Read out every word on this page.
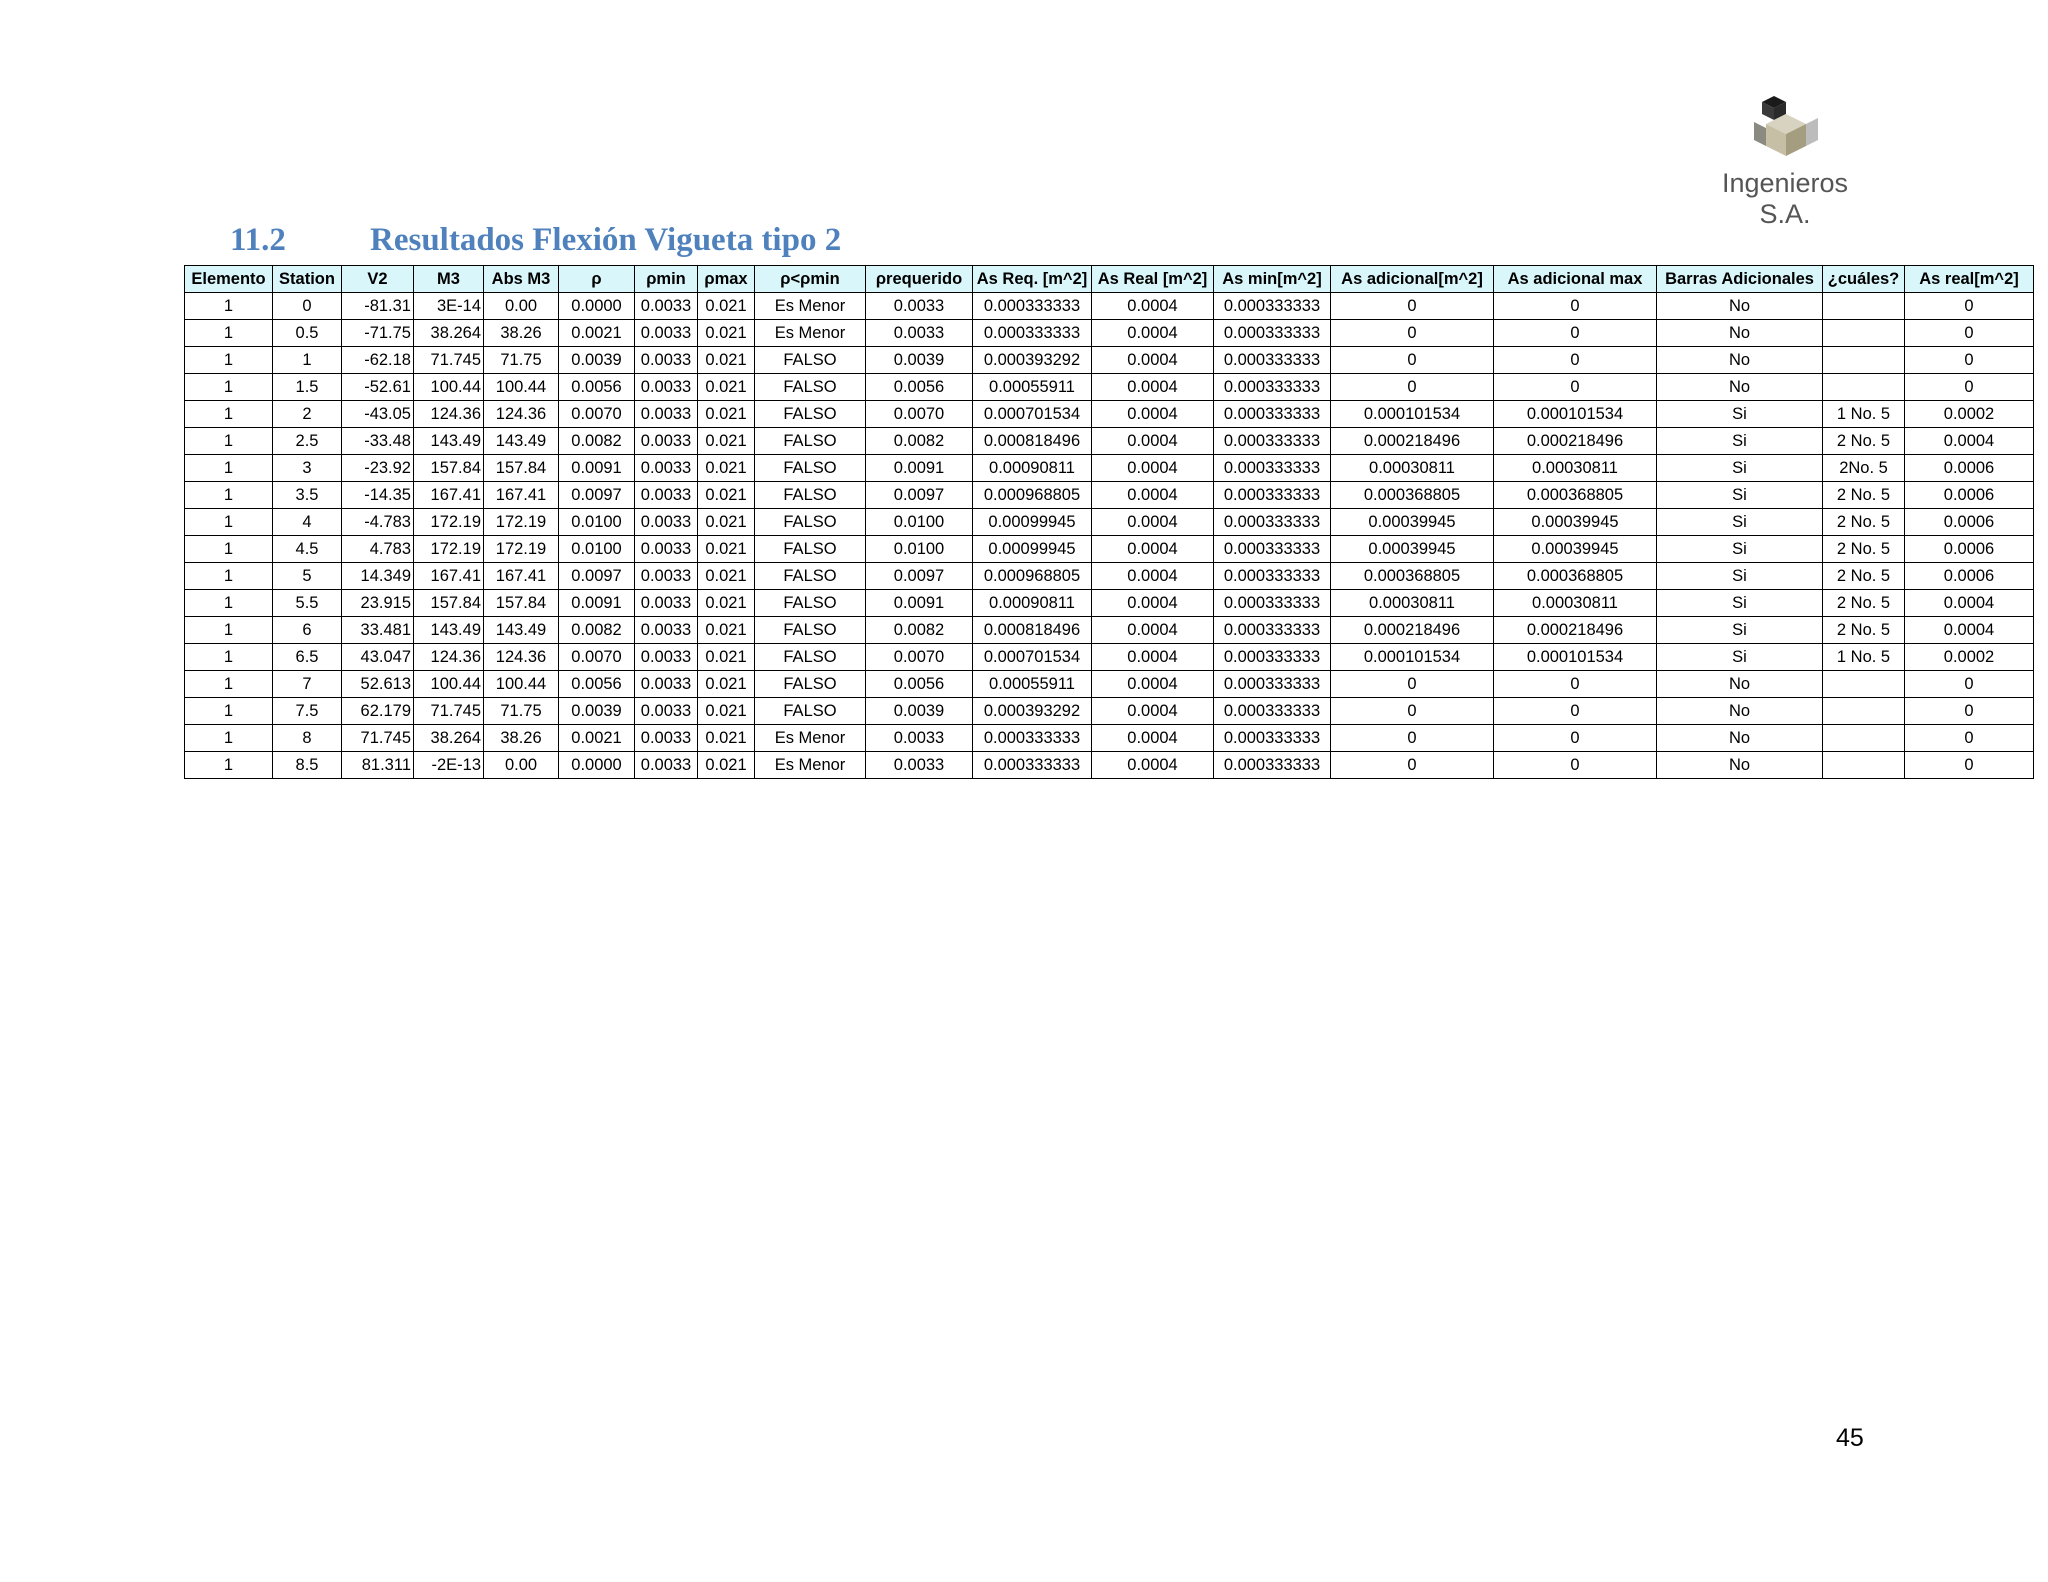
Ingenieros S.A.
11.2	Resultados Flexión Vigueta tipo 2
Elemento	Station	V2	M3	Abs M3	ρ	ρmin	ρmax	ρ<ρmin	ρrequerido	As Req. [m^2]	As Real [m^2]	As min[m^2]	As adicional[m^2]	As adicional max	Barras Adicionales	¿cuáles?	As real[m^2]
1	0	-81.31	3E-14	0.00	0.0000	0.0033	0.021	Es Menor	0.0033	0.000333333	0.0004	0.000333333	0	0	No		0
1	0.5	-71.75	38.264	38.26	0.0021	0.0033	0.021	Es Menor	0.0033	0.000333333	0.0004	0.000333333	0	0	No		0
1	1	-62.18	71.745	71.75	0.0039	0.0033	0.021	FALSO	0.0039	0.000393292	0.0004	0.000333333	0	0	No		0
1	1.5	-52.61	100.44	100.44	0.0056	0.0033	0.021	FALSO	0.0056	0.00055911	0.0004	0.000333333	0	0	No		0
1	2	-43.05	124.36	124.36	0.0070	0.0033	0.021	FALSO	0.0070	0.000701534	0.0004	0.000333333	0.000101534	0.000101534	Si	1 No. 5	0.0002
1	2.5	-33.48	143.49	143.49	0.0082	0.0033	0.021	FALSO	0.0082	0.000818496	0.0004	0.000333333	0.000218496	0.000218496	Si	2 No. 5	0.0004
1	3	-23.92	157.84	157.84	0.0091	0.0033	0.021	FALSO	0.0091	0.00090811	0.0004	0.000333333	0.00030811	0.00030811	Si	2No. 5	0.0006
1	3.5	-14.35	167.41	167.41	0.0097	0.0033	0.021	FALSO	0.0097	0.000968805	0.0004	0.000333333	0.000368805	0.000368805	Si	2 No. 5	0.0006
1	4	-4.783	172.19	172.19	0.0100	0.0033	0.021	FALSO	0.0100	0.00099945	0.0004	0.000333333	0.00039945	0.00039945	Si	2 No. 5	0.0006
1	4.5	4.783	172.19	172.19	0.0100	0.0033	0.021	FALSO	0.0100	0.00099945	0.0004	0.000333333	0.00039945	0.00039945	Si	2 No. 5	0.0006
1	5	14.349	167.41	167.41	0.0097	0.0033	0.021	FALSO	0.0097	0.000968805	0.0004	0.000333333	0.000368805	0.000368805	Si	2 No. 5	0.0006
1	5.5	23.915	157.84	157.84	0.0091	0.0033	0.021	FALSO	0.0091	0.00090811	0.0004	0.000333333	0.00030811	0.00030811	Si	2 No. 5	0.0004
1	6	33.481	143.49	143.49	0.0082	0.0033	0.021	FALSO	0.0082	0.000818496	0.0004	0.000333333	0.000218496	0.000218496	Si	2 No. 5	0.0004
1	6.5	43.047	124.36	124.36	0.0070	0.0033	0.021	FALSO	0.0070	0.000701534	0.0004	0.000333333	0.000101534	0.000101534	Si	1 No. 5	0.0002
1	7	52.613	100.44	100.44	0.0056	0.0033	0.021	FALSO	0.0056	0.00055911	0.0004	0.000333333	0	0	No		0
1	7.5	62.179	71.745	71.75	0.0039	0.0033	0.021	FALSO	0.0039	0.000393292	0.0004	0.000333333	0	0	No		0
1	8	71.745	38.264	38.26	0.0021	0.0033	0.021	Es Menor	0.0033	0.000333333	0.0004	0.000333333	0	0	No		0
1	8.5	81.311	-2E-13	0.00	0.0000	0.0033	0.021	Es Menor	0.0033	0.000333333	0.0004	0.000333333	0	0	No		0
45
